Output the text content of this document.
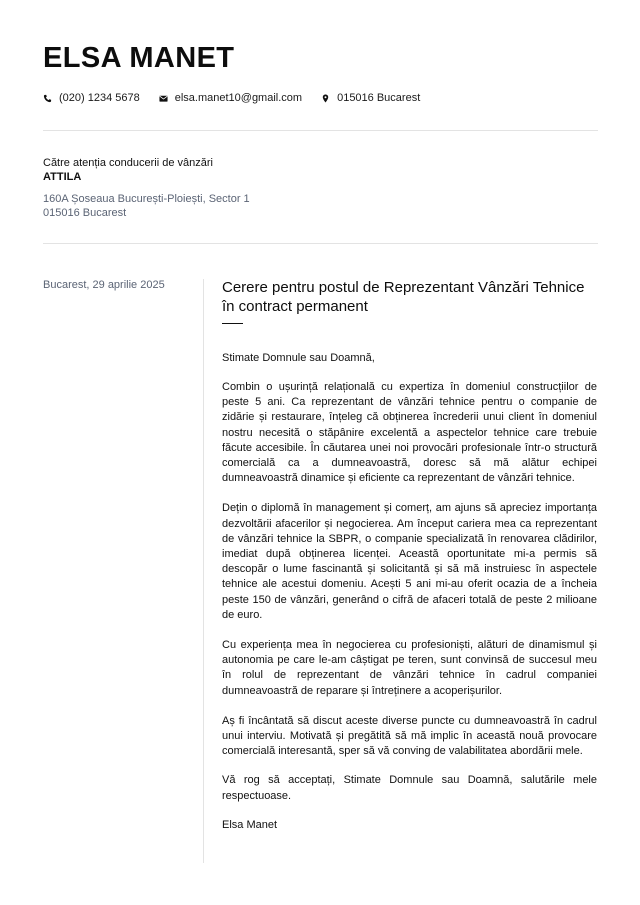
ELSA MANET
(020) 1234 5678	elsa.manet10@gmail.com	015016 Bucarest
Către atenția conducerii de vânzări
ATTILA
160A Șoseaua București-Ploiești, Sector 1
015016 Bucarest
Bucarest, 29 aprilie 2025	Cerere pentru postul de Reprezentant Vânzări Tehnice în contract permanent
Stimate Domnule sau Doamnă,

Combin o ușurință relațională cu expertiza în domeniul construcțiilor de peste 5 ani. Ca reprezentant de vânzări tehnice pentru o companie de zidărie și restaurare, înțeleg că obținerea încrederii unui client în domeniul nostru necesită o stăpânire excelentă a aspectelor tehnice care trebuie făcute accesibile. În căutarea unei noi provocări profesionale într-o structură comercială ca a dumneavoastră, doresc să mă alătur echipei dumneavoastră dinamice și eficiente ca reprezentant de vânzări tehnice.

Dețin o diplomă în management și comerț, am ajuns să apreciez importanța dezvoltării afacerilor și negocierea. Am început cariera mea ca reprezentant de vânzări tehnice la SBPR, o companie specializată în renovarea clădirilor, imediat după obținerea licenței. Această oportunitate mi-a permis să descopăr o lume fascinantă și solicitantă și să mă instruiesc în aspectele tehnice ale acestui domeniu. Acești 5 ani mi-au oferit ocazia de a încheia peste 150 de vânzări, generând o cifră de afaceri totală de peste 2 milioane de euro.

Cu experiența mea în negocierea cu profesioniști, alături de dinamismul și autonomia pe care le-am câștigat pe teren, sunt convinsă de succesul meu în rolul de reprezentant de vânzări tehnice în cadrul companiei dumneavoastră de reparare și întreținere a acoperișurilor.

Aș fi încântată să discut aceste diverse puncte cu dumneavoastră în cadrul unui interviu. Motivată și pregătită să mă implic în această nouă provocare comercială interesantă, sper să vă conving de valabilitatea abordării mele.

Vă rog să acceptați, Stimate Domnule sau Doamnă, salutările mele respectuoase.

Elsa Manet
